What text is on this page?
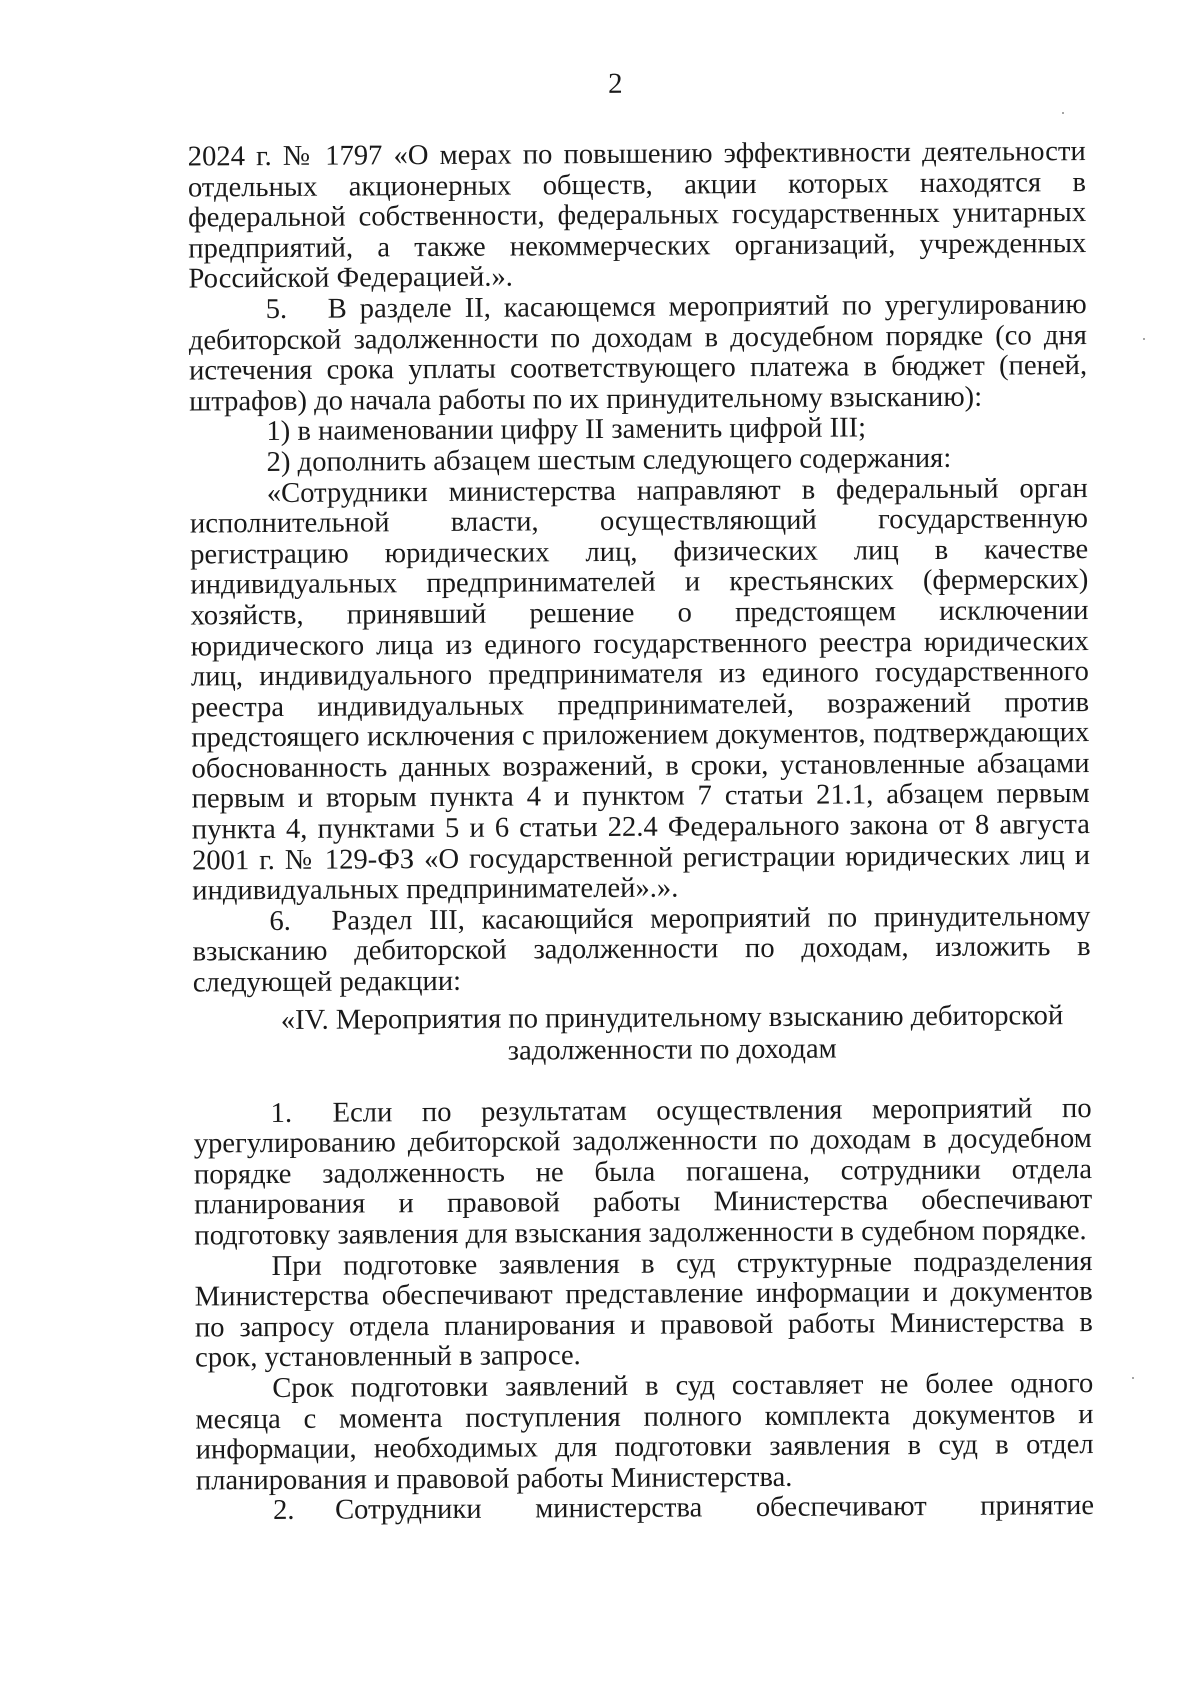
2

2024 г. № 1797 «О мерах по повышению эффективности деятельности отдельных акционерных обществ, акции которых находятся в федеральной собственности, федеральных государственных унитарных предприятий, а также некоммерческих организаций, учрежденных Российской Федерацией.».

5. В разделе II, касающемся мероприятий по урегулированию дебиторской задолженности по доходам в досудебном порядке (со дня истечения срока уплаты соответствующего платежа в бюджет (пеней, штрафов) до начала работы по их принудительному взысканию):

1) в наименовании цифру II заменить цифрой III;

2) дополнить абзацем шестым следующего содержания:

«Сотрудники министерства направляют в федеральный орган исполнительной власти, осуществляющий государственную регистрацию юридических лиц, физических лиц в качестве индивидуальных предпринимателей и крестьянских (фермерских) хозяйств, принявший решение о предстоящем исключении юридического лица из единого государственного реестра юридических лиц, индивидуального предпринимателя из единого государственного реестра индивидуальных предпринимателей, возражений против предстоящего исключения с приложением документов, подтверждающих обоснованность данных возражений, в сроки, установленные абзацами первым и вторым пункта 4 и пунктом 7 статьи 21.1, абзацем первым пункта 4, пунктами 5 и 6 статьи 22.4 Федерального закона от 8 августа 2001 г. № 129-ФЗ «О государственной регистрации юридических лиц и индивидуальных предпринимателей».».

6. Раздел III, касающийся мероприятий по принудительному взысканию дебиторской задолженности по доходам, изложить в следующей редакции:

«IV. Мероприятия по принудительному взысканию дебиторской задолженности по доходам

1. Если по результатам осуществления мероприятий по урегулированию дебиторской задолженности по доходам в досудебном порядке задолженность не была погашена, сотрудники отдела планирования и правовой работы Министерства обеспечивают подготовку заявления для взыскания задолженности в судебном порядке.

При подготовке заявления в суд структурные подразделения Министерства обеспечивают представление информации и документов по запросу отдела планирования и правовой работы Министерства в срок, установленный в запросе.

Срок подготовки заявлений в суд составляет не более одного месяца с момента поступления полного комплекта документов и информации, необходимых для подготовки заявления в суд в отдел планирования и правовой работы Министерства.

2. Сотрудники министерства обеспечивают принятие
